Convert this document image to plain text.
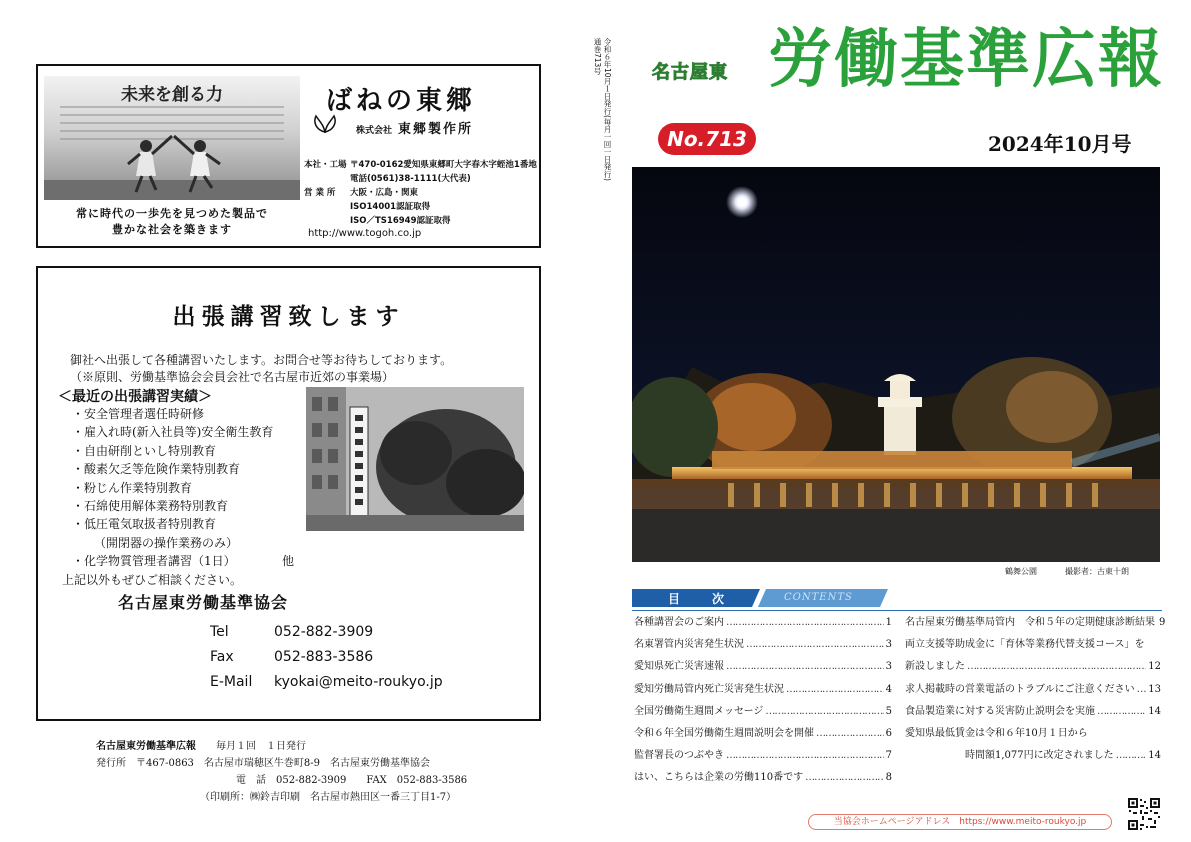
未来を創る力
常に時代の一歩先を見つめた製品で
豊かな社会を築きます
ばねの東郷
株式会社 東郷製作所
本社・工場 〒470-0162愛知県東郷町大字春木字蛭池1番地
電話(0561)38-1111(大代表)
営 業 所	大阪・広島・関東
ISO14001認証取得
ISO／TS16949認証取得
http://www.togoh.co.jp
出張講習致します
御社へ出張して各種講習いたします。お問合せ等お待ちしております。
（※原則、労働基準協会会員会社で名古屋市近郊の事業場）
＜最近の出張講習実績＞
・安全管理者選任時研修
・雇入れ時(新入社員等)安全衛生教育
・自由研削といし特別教育
・酸素欠乏等危険作業特別教育
・粉じん作業特別教育
・石綿使用解体業務特別教育
・低圧電気取扱者特別教育
（開閉器の操作業務のみ）
・化学物質管理者講習（1日）	他
上記以外もぜひご相談ください。
名古屋東労働基準協会
Tel	052-882-3909
Fax	052-883-3586
E-Mail	kyokai@meito-roukyo.jp
名古屋東労働基準広報　　 毎月１回　１日発行
発行所　 〒467-0863　名古屋市瑞穂区牛巻町8-9　名古屋東労働基準協会
電　話　052-882-3909　　FAX　052-883-3586
（印刷所：㈱鈴吉印刷　名古屋市熱田区一番三丁目1-7）
令和６年10月１日発行(毎月一回一日発行)
通巻713号	名古屋東 労働基準広報
No.713	2024年10月号
鶴舞公園	撮影者：古東十朗
目　次	CONTENTS
各種講習会のご案内 ………………………………………………………………………………………	1
名東署管内災害発生状況 ………………………………………………………………………………………	3
愛知県死亡災害速報 ………………………………………………………………………………………	3
愛知労働局管内死亡災害発生状況 ………………………………………………………………………………………	4
全国労働衛生週間メッセージ ………………………………………………………………………………………	5
令和６年全国労働衛生週間説明会を開催 ………………………………………………………………………………………	6
監督署長のつぶやき ………………………………………………………………………………………	7
はい、こちらは企業の労働110番です ………………………………………………………………………………………	8
名古屋東労働基準局管内　令和５年の定期健康診断結果 9
両立支援等助成金に「育休等業務代替支援コース」を
新設しました ………………………………………………………………………………………	12
求人掲載時の営業電話のトラブルにご注意ください ……………………………………………………………………………………… 13
食品製造業に対する災害防止説明会を実施 ………………………………………………………………………………………	14
愛知県最低賃金は令和６年10月１日から
時間額1,077円に改定されました ………………………………………………………………………………………	14
当協会ホームページアドレス　https://www.meito-roukyo.jp
